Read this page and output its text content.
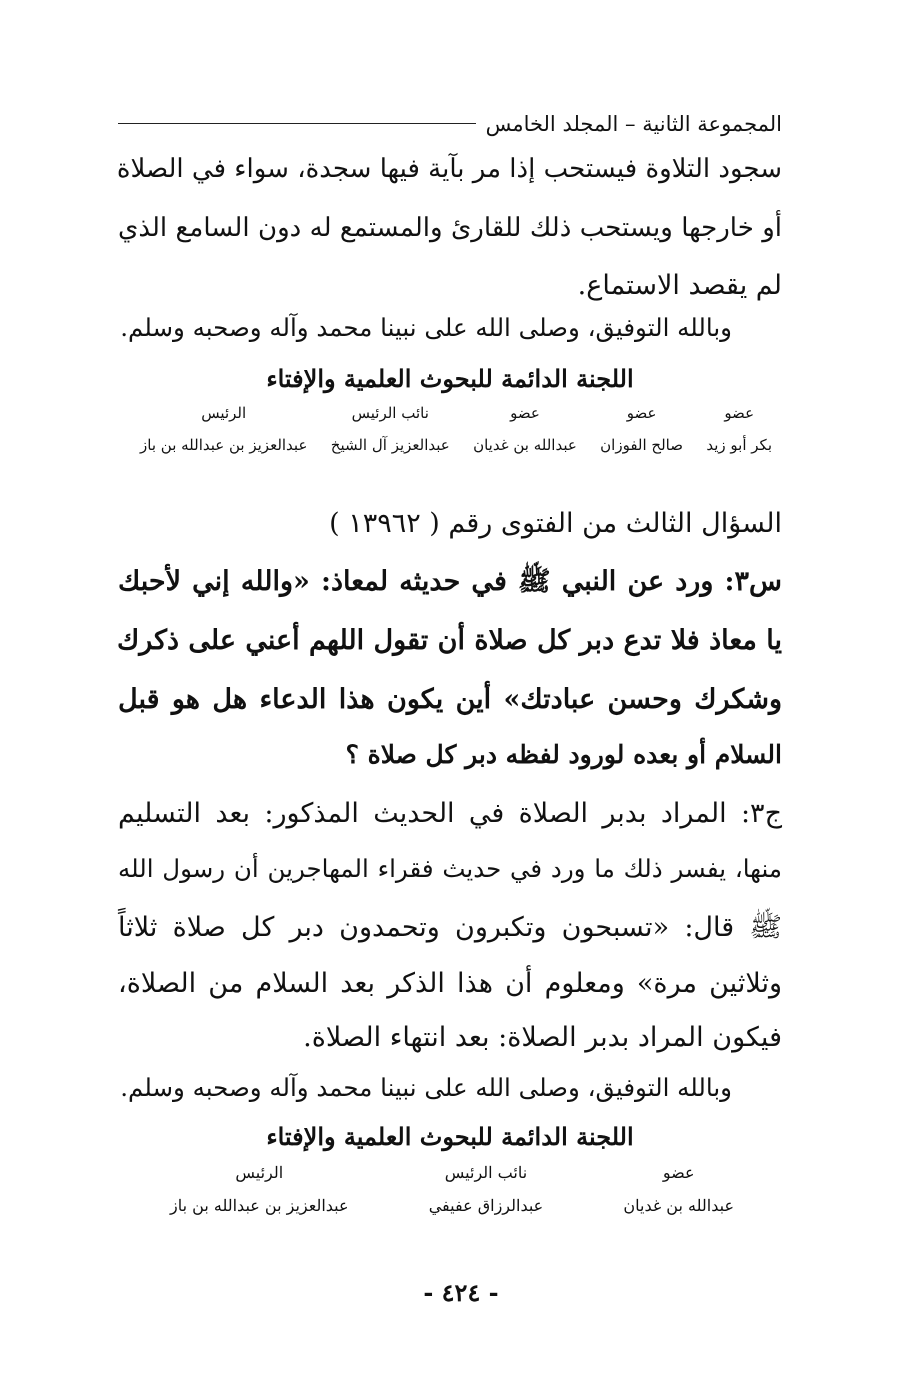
المجموعة الثانية – المجلد الخامس
سجود التلاوة فيستحب إذا مر بآية فيها سجدة، سواء في الصلاة
أو خارجها ويستحب ذلك للقارئ والمستمع له دون السامع الذي
لم يقصد الاستماع.
وبالله التوفيق، وصلى الله على نبينا محمد وآله وصحبه وسلم.
اللجنة الدائمة للبحوث العلمية والإفتاء
عضو
بكر أبو زيد
عضو
صالح الفوزان
عضو
عبدالله بن غديان
نائب الرئيس
عبدالعزيز آل الشيخ
الرئيس
عبدالعزيز بن عبدالله بن باز
السؤال الثالث من الفتوى رقم ( ١٣٩٦٢ )
س٣: ورد عن النبي ﷺ في حديثه لمعاذ: «والله إني لأحبك
يا معاذ فلا تدع دبر كل صلاة أن تقول اللهم أعني على ذكرك
وشكرك وحسن عبادتك» أين يكون هذا الدعاء هل هو قبل
السلام أو بعده لورود لفظه دبر كل صلاة ؟
ج٣: المراد بدبر الصلاة في الحديث المذكور: بعد التسليم
منها، يفسر ذلك ما ورد في حديث فقراء المهاجرين أن رسول الله
ﷺ قال: «تسبحون وتكبرون وتحمدون دبر كل صلاة ثلاثاً
وثلاثين مرة» ومعلوم أن هذا الذكر بعد السلام من الصلاة،
فيكون المراد بدبر الصلاة: بعد انتهاء الصلاة.
وبالله التوفيق، وصلى الله على نبينا محمد وآله وصحبه وسلم.
اللجنة الدائمة للبحوث العلمية والإفتاء
عضو
عبدالله بن غديان
نائب الرئيس
عبدالرزاق عفيفي
الرئيس
عبدالعزيز بن عبدالله بن باز
- ٤٢٤ -
